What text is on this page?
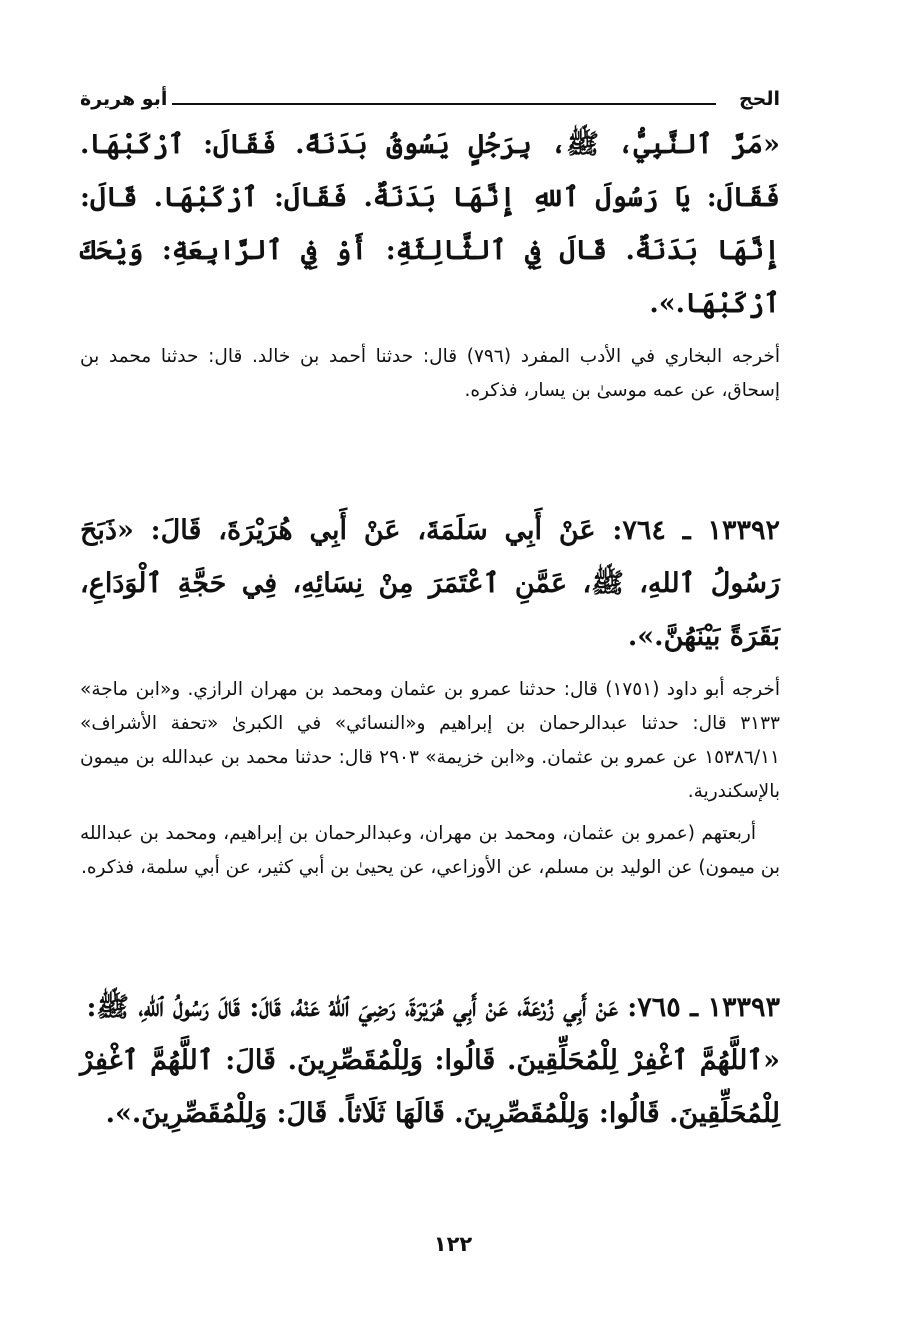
الحج
أبو هريرة

«مَرَّ ٱلنَّبِيُّ، ﷺ، بِرَجُلٍ يَسُوقُ بَدَنَةً. فَقَالَ: ٱرْكَبْهَا. فَقَالَ: يَا رَسُولَ ٱللهِ إِنَّهَا بَدَنَةٌ. فَقَالَ: ٱرْكَبْهَا. قَالَ: إِنَّهَا بَدَنَةٌ. قَالَ فِي ٱلثَّالِثَةِ: أَوْ فِي ٱلرَّابِعَةِ: وَيْحَكَ ٱرْكَبْهَا.».

أخرجه البخاري في الأدب المفرد (٧٩٦) قال: حدثنا أحمد بن خالد. قال: حدثنا محمد بن إسحاق، عن عمه موسىٰ بن يسار، فذكره.

١٣٣٩٢ ـ ٧٦٤: عَنْ أَبِي سَلَمَةَ، عَنْ أَبِي هُرَيْرَةَ، قَالَ: «ذَبَحَ رَسُولُ ٱللهِ، ﷺ، عَمَّنِ ٱعْتَمَرَ مِنْ نِسَائِهِ، فِي حَجَّةِ ٱلْوَدَاعِ، بَقَرَةً بَيْنَهُنَّ.».

أخرجه أبو داود (١٧٥١) قال: حدثنا عمرو بن عثمان ومحمد بن مهران الرازي. و«ابن ماجة» ٣١٣٣ قال: حدثنا عبدالرحمان بن إبراهيم و«النسائي» في الكبرىٰ «تحفة الأشراف» ١٥٣٨٦/١١ عن عمرو بن عثمان. و«ابن خزيمة» ٢٩٠٣ قال: حدثنا محمد بن عبدالله بن ميمون بالإسكندرية.

أربعتهم (عمرو بن عثمان، ومحمد بن مهران، وعبدالرحمان بن إبراهيم، ومحمد بن عبدالله بن ميمون) عن الوليد بن مسلم، عن الأوزاعي، عن يحيىٰ بن أبي كثير، عن أبي سلمة، فذكره.

١٣٣٩٣ ـ ٧٦٥: عَنْ أَبِي زُرْعَةَ، عَنْ أَبِي هُرَيْرَةَ، رَضِيَ ٱللهُ عَنْهُ، قَالَ: قَالَ رَسُولُ ٱللهِ، ﷺ:

«ٱللَّهُمَّ ٱغْفِرْ لِلْمُحَلِّقِينَ. قَالُوا: وَلِلْمُقَصِّرِينَ. قَالَ: ٱللَّهُمَّ ٱغْفِرْ لِلْمُحَلِّقِينَ. قَالُوا: وَلِلْمُقَصِّرِينَ. قَالَهَا ثَلَاثاً. قَالَ: وَلِلْمُقَصِّرِينَ.».

١٢٢
